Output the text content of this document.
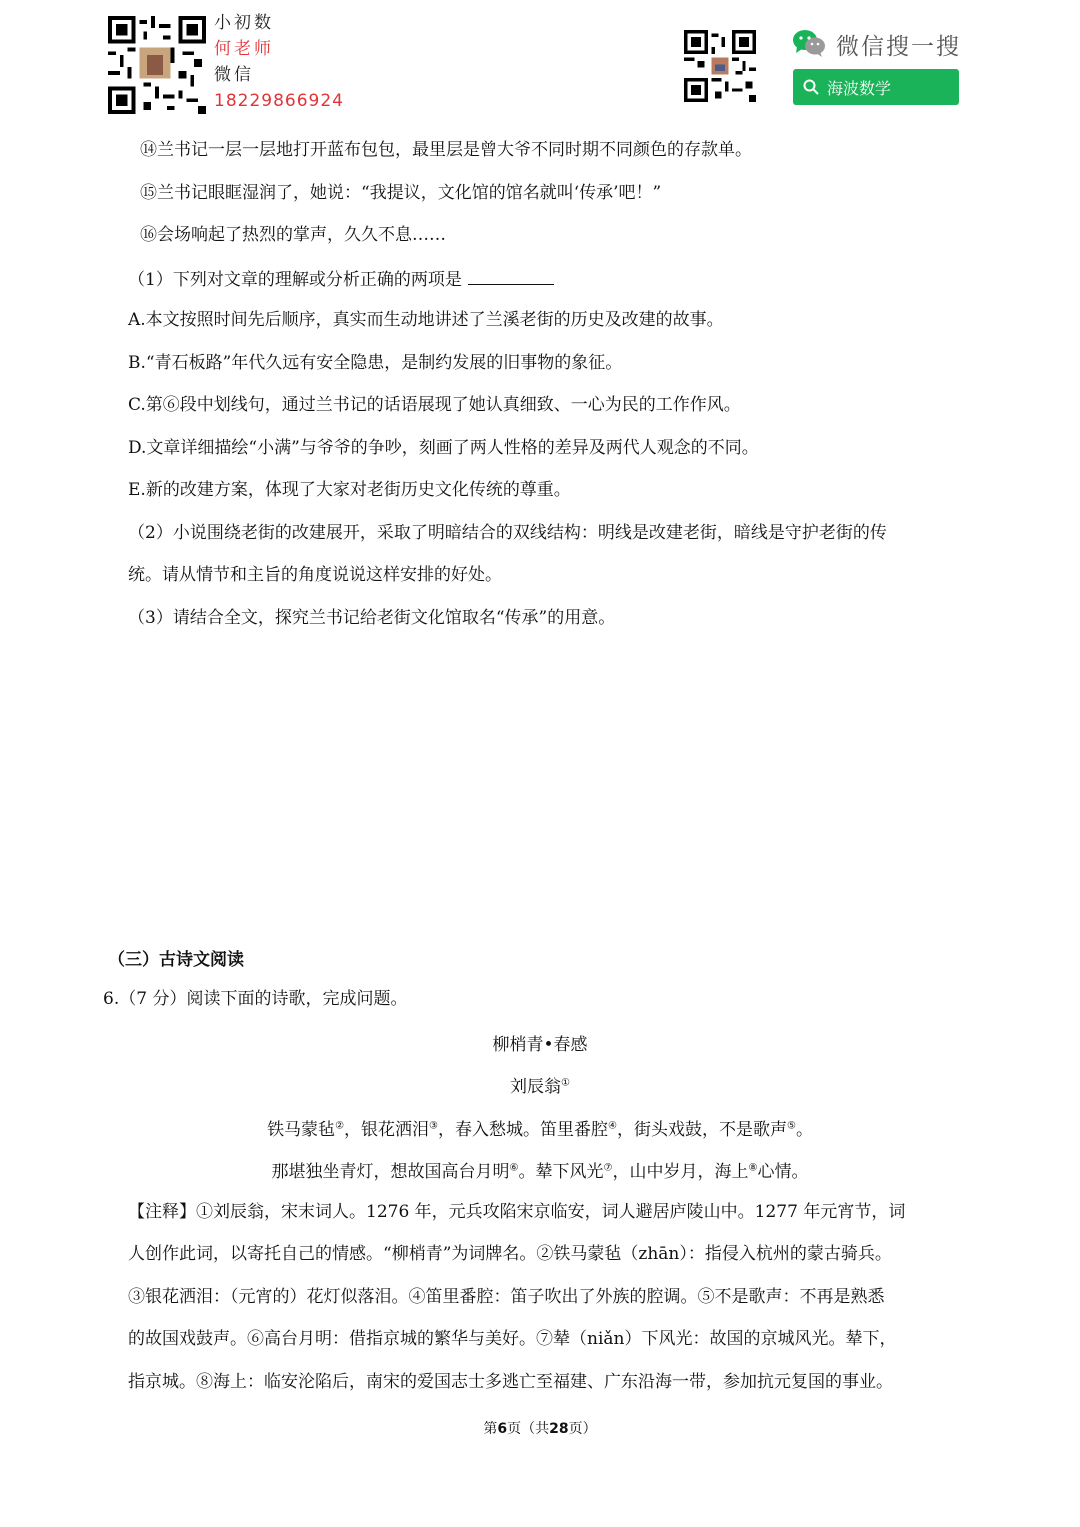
小初数
何老师
微信
18229866924
微信搜一搜
海波数学
⑭兰书记一层一层地打开蓝布包包，最里层是曾大爷不同时期不同颜色的存款单。
⑮兰书记眼眶湿润了，她说：“我提议，文化馆的馆名就叫‘传承’吧！”
⑯会场响起了热烈的掌声，久久不息……
（1）下列对文章的理解或分析正确的两项是
A.本文按照时间先后顺序，真实而生动地讲述了兰溪老街的历史及改建的故事。
B.“青石板路”年代久远有安全隐患，是制约发展的旧事物的象征。
C.第⑥段中划线句，通过兰书记的话语展现了她认真细致、一心为民的工作作风。
D.文章详细描绘“小满”与爷爷的争吵，刻画了两人性格的差异及两代人观念的不同。
E.新的改建方案，体现了大家对老街历史文化传统的尊重。
（2）小说围绕老街的改建展开，采取了明暗结合的双线结构：明线是改建老街，暗线是守护老街的传
统。请从情节和主旨的角度说说这样安排的好处。
（3）请结合全文，探究兰书记给老街文化馆取名“传承”的用意。
（三）古诗文阅读
6.（7 分）阅读下面的诗歌，完成问题。
柳梢青•春感
刘辰翁①
铁马蒙毡②，银花洒泪③，春入愁城。笛里番腔④，街头戏鼓，不是歌声⑤。
那堪独坐青灯，想故国高台月明⑥。辇下风光⑦，山中岁月，海上⑧心情。
【注释】①刘辰翁，宋末词人。1276 年，元兵攻陷宋京临安，词人避居庐陵山中。1277 年元宵节，词
人创作此词，以寄托自己的情感。“柳梢青”为词牌名。②铁马蒙毡（zhān）：指侵入杭州的蒙古骑兵。
③银花洒泪：（元宵的）花灯似落泪。④笛里番腔：笛子吹出了外族的腔调。⑤不是歌声：不再是熟悉
的故国戏鼓声。⑥高台月明：借指京城的繁华与美好。⑦辇（niǎn）下风光：故国的京城风光。辇下，
指京城。⑧海上：临安沦陷后，南宋的爱国志士多逃亡至福建、广东沿海一带，参加抗元复国的事业。
第6页（共28页）
